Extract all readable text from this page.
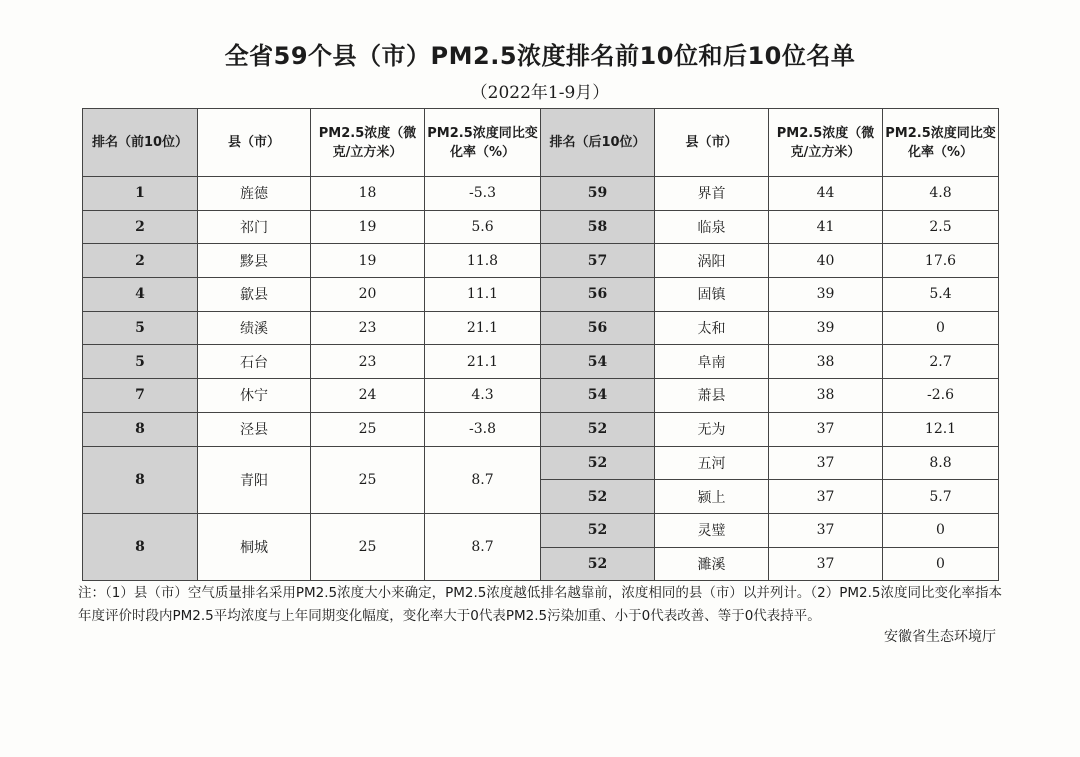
全省59个县（市）PM2.5浓度排名前10位和后10位名单
（2022年1-9月）
排名（前10位）	县（市）	PM2.5浓度（微克/立方米）	PM2.5浓度同比变化率（%）	排名（后10位）	县（市）	PM2.5浓度（微克/立方米）	PM2.5浓度同比变化率（%）
1	旌德	18	-5.3	59	界首	44	4.8
2	祁门	19	5.6	58	临泉	41	2.5
2	黟县	19	11.8	57	涡阳	40	17.6
4	歙县	20	11.1	56	固镇	39	5.4
5	绩溪	23	21.1	56	太和	39	0
5	石台	23	21.1	54	阜南	38	2.7
7	休宁	24	4.3	54	萧县	38	-2.6
8	泾县	25	-3.8	52	无为	37	12.1
8	青阳	25	8.7	52	五河	37	8.8
				52	颍上	37	5.7
8	桐城	25	8.7	52	灵璧	37	0
				52	濉溪	37	0
注：（1）县（市）空气质量排名采用PM2.5浓度大小来确定，PM2.5浓度越低排名越靠前，浓度相同的县（市）以并列计。（2）PM2.5浓度同比变化率指本年度评价时段内PM2.5平均浓度与上年同期变化幅度，变化率大于0代表PM2.5污染加重、小于0代表改善、等于0代表持平。
安徽省生态环境厅
